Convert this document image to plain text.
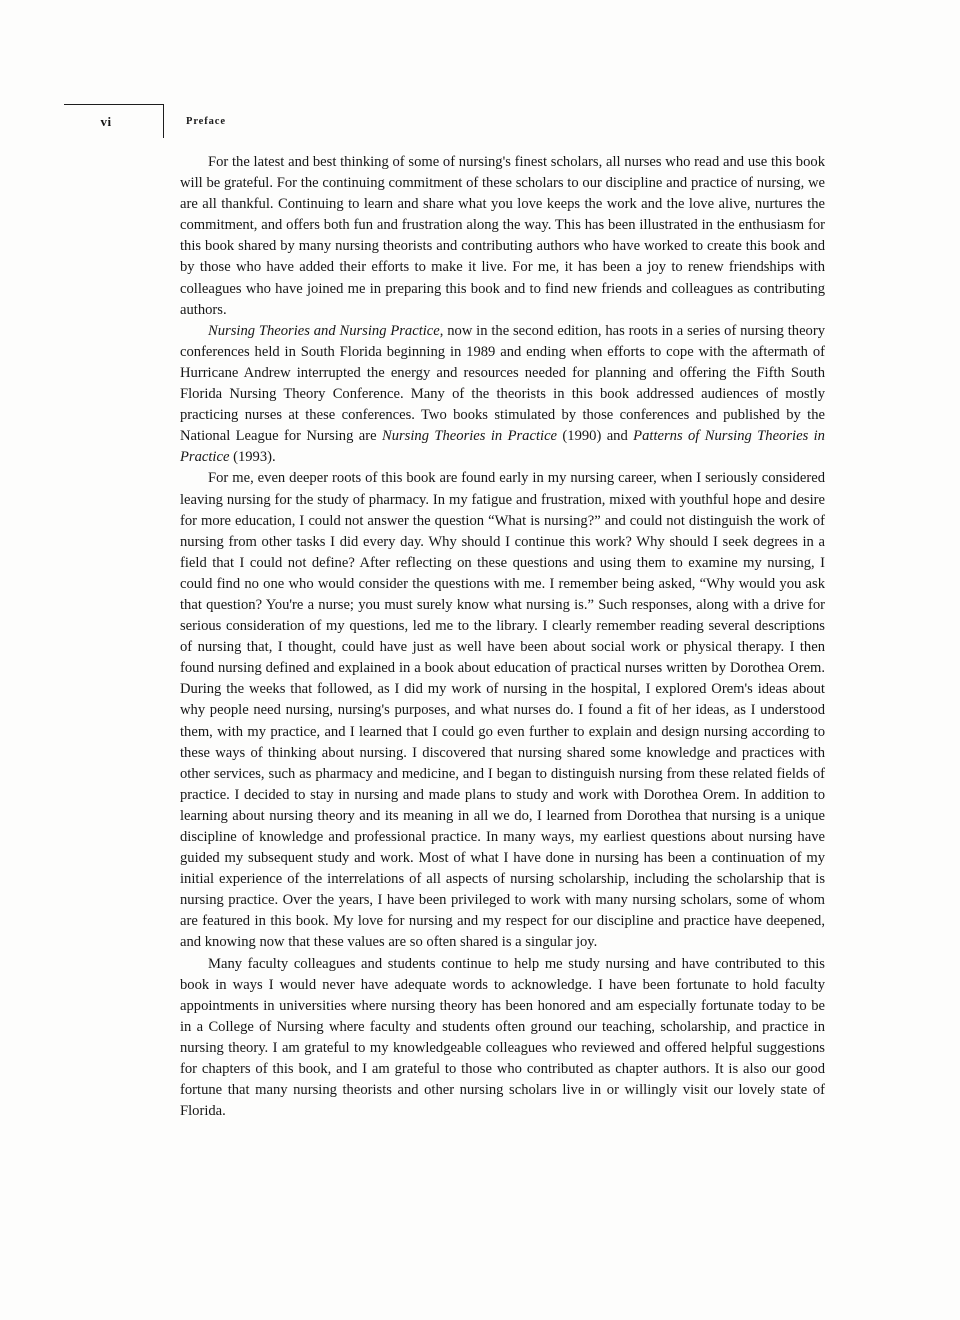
vi	Preface

For the latest and best thinking of some of nursing's finest scholars, all nurses who read and use this book will be grateful. For the continuing commitment of these scholars to our discipline and practice of nursing, we are all thankful. Continuing to learn and share what you love keeps the work and the love alive, nurtures the commitment, and offers both fun and frustration along the way. This has been illustrated in the enthusiasm for this book shared by many nursing theorists and contributing authors who have worked to create this book and by those who have added their efforts to make it live. For me, it has been a joy to renew friendships with colleagues who have joined me in preparing this book and to find new friends and colleagues as contributing authors.

Nursing Theories and Nursing Practice, now in the second edition, has roots in a series of nursing theory conferences held in South Florida beginning in 1989 and ending when efforts to cope with the aftermath of Hurricane Andrew interrupted the energy and resources needed for planning and offering the Fifth South Florida Nursing Theory Conference. Many of the theorists in this book addressed audiences of mostly practicing nurses at these conferences. Two books stimulated by those conferences and published by the National League for Nursing are Nursing Theories in Practice (1990) and Patterns of Nursing Theories in Practice (1993).

For me, even deeper roots of this book are found early in my nursing career, when I seriously considered leaving nursing for the study of pharmacy. In my fatigue and frustration, mixed with youthful hope and desire for more education, I could not answer the question “What is nursing?” and could not distinguish the work of nursing from other tasks I did every day. Why should I continue this work? Why should I seek degrees in a field that I could not define? After reflecting on these questions and using them to examine my nursing, I could find no one who would consider the questions with me. I remember being asked, “Why would you ask that question? You're a nurse; you must surely know what nursing is.” Such responses, along with a drive for serious consideration of my questions, led me to the library. I clearly remember reading several descriptions of nursing that, I thought, could have just as well have been about social work or physical therapy. I then found nursing defined and explained in a book about education of practical nurses written by Dorothea Orem. During the weeks that followed, as I did my work of nursing in the hospital, I explored Orem's ideas about why people need nursing, nursing's purposes, and what nurses do. I found a fit of her ideas, as I understood them, with my practice, and I learned that I could go even further to explain and design nursing according to these ways of thinking about nursing. I discovered that nursing shared some knowledge and practices with other services, such as pharmacy and medicine, and I began to distinguish nursing from these related fields of practice. I decided to stay in nursing and made plans to study and work with Dorothea Orem. In addition to learning about nursing theory and its meaning in all we do, I learned from Dorothea that nursing is a unique discipline of knowledge and professional practice. In many ways, my earliest questions about nursing have guided my subsequent study and work. Most of what I have done in nursing has been a continuation of my initial experience of the interrelations of all aspects of nursing scholarship, including the scholarship that is nursing practice. Over the years, I have been privileged to work with many nursing scholars, some of whom are featured in this book. My love for nursing and my respect for our discipline and practice have deepened, and knowing now that these values are so often shared is a singular joy.

Many faculty colleagues and students continue to help me study nursing and have contributed to this book in ways I would never have adequate words to acknowledge. I have been fortunate to hold faculty appointments in universities where nursing theory has been honored and am especially fortunate today to be in a College of Nursing where faculty and students often ground our teaching, scholarship, and practice in nursing theory. I am grateful to my knowledgeable colleagues who reviewed and offered helpful suggestions for chapters of this book, and I am grateful to those who contributed as chapter authors. It is also our good fortune that many nursing theorists and other nursing scholars live in or willingly visit our lovely state of Florida.
